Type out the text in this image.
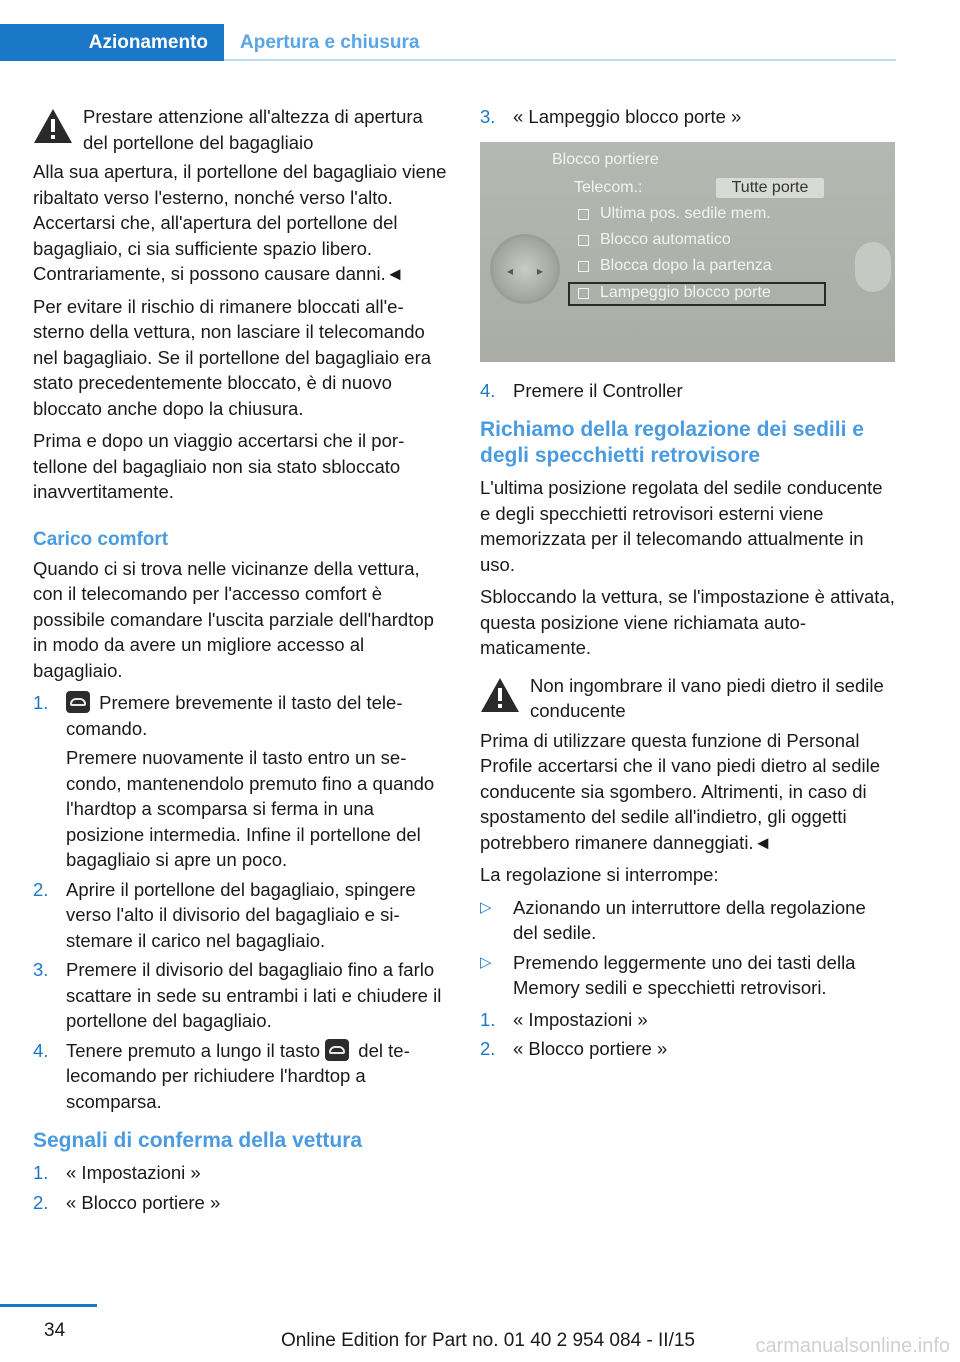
Azionamento	Apertura e chiusura
Prestare attenzione all'altezza di apertura del portellone del bagagliaio

Alla sua apertura, il portellone del bagagliaio viene ribaltato verso l'esterno, nonché verso l'alto. Accertarsi che, all'apertura del portellone del bagagliaio, ci sia sufficiente spazio libero. Contrariamente, si possono causare danni.◄

Per evitare il rischio di rimanere bloccati all'esterno della vettura, non lasciare il telecomando nel bagagliaio. Se il portellone del bagagliaio era stato precedentemente bloccato, è di nuovo bloccato anche dopo la chiusura.

Prima e dopo un viaggio accertarsi che il portellone del bagagliaio non sia stato sbloccato inavvertitamente.

Carico comfort

Quando ci si trova nelle vicinanze della vettura, con il telecomando per l'accesso comfort è possibile comandare l'uscita parziale dell'hardtop in modo da avere un migliore accesso al bagagliaio.

1.	Premere brevemente il tasto del telecomando.
Premere nuovamente il tasto entro un secondo, mantenendolo premuto fino a quando l'hardtop a scomparsa si ferma in una posizione intermedia. Infine il portellone del bagagliaio si apre un poco.
2. Aprire il portellone del bagagliaio, spingere verso l'alto il divisorio del bagagliaio e sistemare il carico nel bagagliaio.
3. Premere il divisorio del bagagliaio fino a farlo scattare in sede su entrambi i lati e chiudere il portellone del bagagliaio.
4. Tenere premuto a lungo il tasto del telecomando per richiudere l'hardtop a scomparsa.
Segnali di conferma della vettura
1. « Impostazioni »
2. « Blocco portiere »
3. « Lampeggio blocco porte »
Blocco portiere
Telecom.:	Tutte porte
Ultima pos. sedile mem.
Blocco automatico
Blocca dopo la partenza
Lampeggio blocco porte
◂ ▸
4. Premere il Controller
Richiamo della regolazione dei sedili e degli specchietti retrovisore

L'ultima posizione regolata del sedile conducente e degli specchietti retrovisori esterni viene memorizzata per il telecomando attualmente in uso.

Sbloccando la vettura, se l'impostazione è attivata, questa posizione viene richiamata automaticamente.

Non ingombrare il vano piedi dietro il sedile conducente

Prima di utilizzare questa funzione di Personal Profile accertarsi che il vano piedi dietro al sedile conducente sia sgombero. Altrimenti, in caso di spostamento del sedile all'indietro, gli oggetti potrebbero rimanere danneggiati.◄

La regolazione si interrompe:

▷ Azionando un interruttore della regolazione del sedile.
▷ Premendo leggermente uno dei tasti della Memory sedili e specchietti retrovisori.
1. « Impostazioni »
2. « Blocco portiere »
34	Online Edition for Part no. 01 40 2 954 084 - II/15	carmanualsonline.info
